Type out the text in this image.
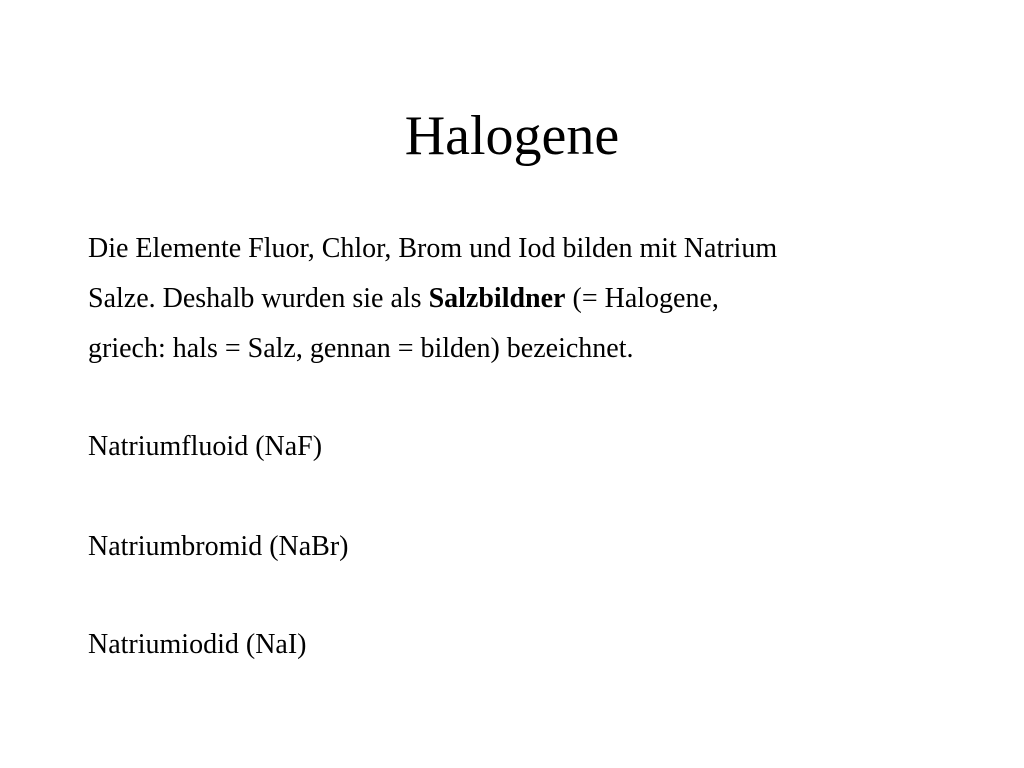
Halogene

Die Elemente Fluor, Chlor, Brom und Iod bilden mit Natrium
Salze. Deshalb wurden sie als Salzbildner (= Halogene,
griech: hals = Salz, gennan = bilden) bezeichnet.

Natriumfluoid (NaF)

Natriumbromid (NaBr)

Natriumiodid (NaI)
